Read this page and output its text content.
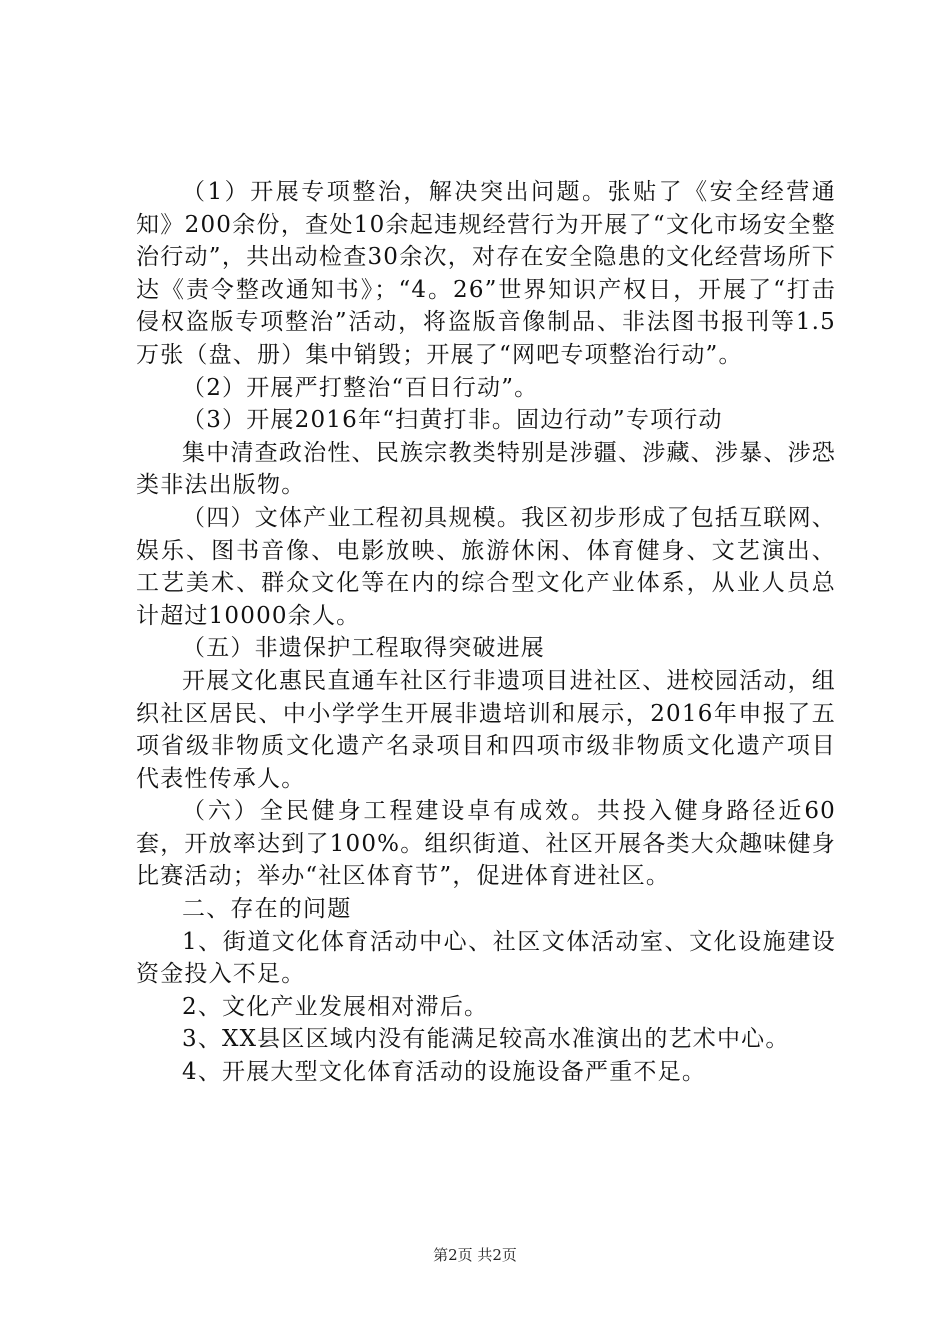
（1）开展专项整治，解决突出问题。张贴了《安全经营通知》200余份，查处10余起违规经营行为开展了“文化市场安全整治行动”，共出动检查30余次，对存在安全隐患的文化经营场所下达《责令整改通知书》；“4。26”世界知识产权日，开展了“打击侵权盗版专项整治”活动，将盗版音像制品、非法图书报刊等1.5万张（盘、册）集中销毁；开展了“网吧专项整治行动”。

（2）开展严打整治“百日行动”。

（3）开展2016年“扫黄打非。固边行动”专项行动

集中清查政治性、民族宗教类特别是涉疆、涉藏、涉暴、涉恐类非法出版物。

（四）文体产业工程初具规模。我区初步形成了包括互联网、娱乐、图书音像、电影放映、旅游休闲、体育健身、文艺演出、工艺美术、群众文化等在内的综合型文化产业体系，从业人员总计超过10000余人。

（五）非遗保护工程取得突破进展

开展文化惠民直通车社区行非遗项目进社区、进校园活动，组织社区居民、中小学学生开展非遗培训和展示，2016年申报了五项省级非物质文化遗产名录项目和四项市级非物质文化遗产项目代表性传承人。

（六）全民健身工程建设卓有成效。共投入健身路径近60套，开放率达到了100%。组织街道、社区开展各类大众趣味健身比赛活动；举办“社区体育节”，促进体育进社区。

二、存在的问题

1、街道文化体育活动中心、社区文体活动室、文化设施建设资金投入不足。

2、文化产业发展相对滞后。

3、XX县区区域内没有能满足较高水准演出的艺术中心。

4、开展大型文化体育活动的设施设备严重不足。

第2页 共2页
